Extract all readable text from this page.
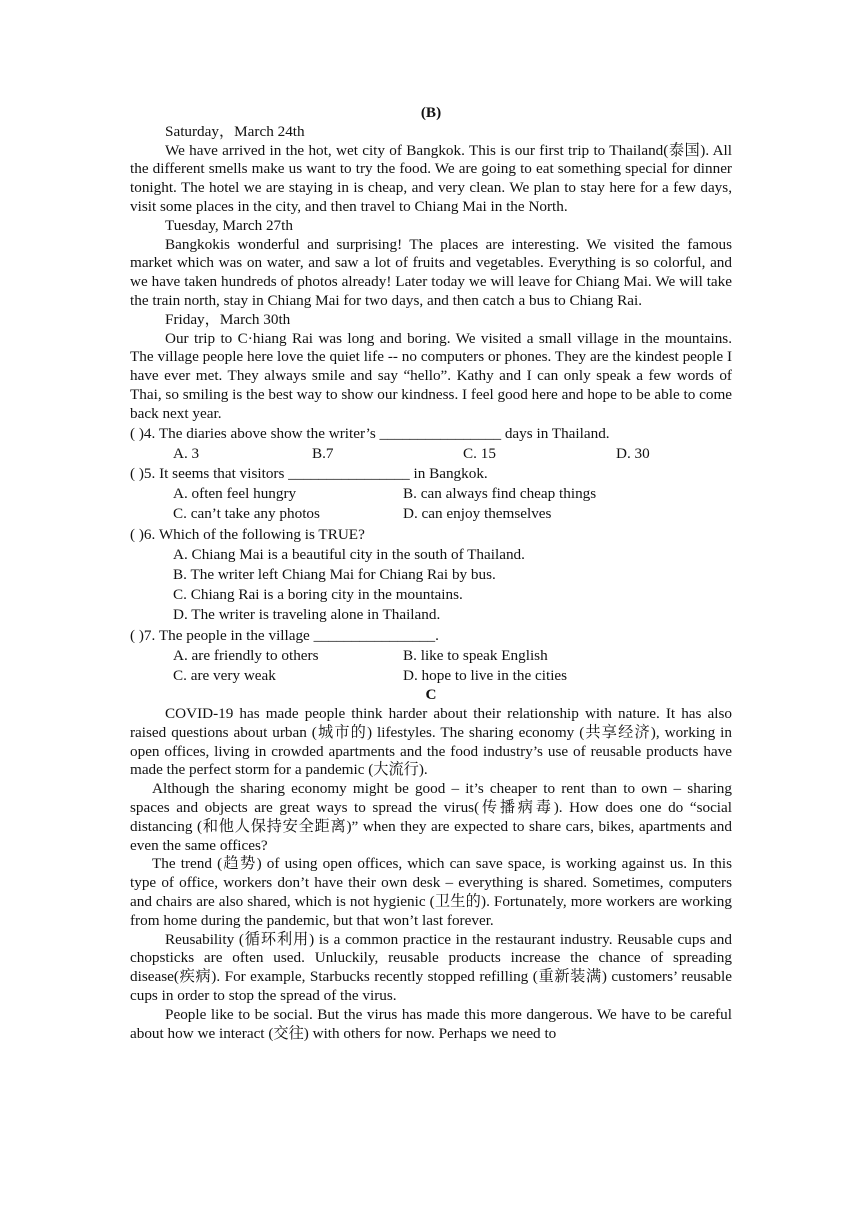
(B)
Saturday，March 24th

We have arrived in the hot, wet city of Bangkok. This is our first trip to Thailand(泰国). All the different smells make us want to try the food. We are going to eat something special for dinner tonight. The hotel we are staying in is cheap, and very clean. We plan to stay here for a few days, visit some places in the city, and then travel to Chiang Mai in the North.

Tuesday, March 27th

Bangkokis wonderful and surprising! The places are interesting. We visited the famous market which was on water, and saw a lot of fruits and vegetables. Everything is so colorful, and we have taken hundreds of photos already! Later today we will leave for Chiang Mai. We will take the train north, stay in Chiang Mai for two days, and then catch a bus to Chiang Rai.

Friday，March 30th

Our trip to C·hiang Rai was long and boring. We visited a small village in the mountains. The village people here love the quiet life -- no computers or phones. They are the kindest people I have ever met. They always smile and say “hello”. Kathy and I can only speak a few words of Thai, so smiling is the best way to show our kindness. I feel good here and hope to be able to come back next year.

( )4. The diaries above show the writer’s ________________ days in Thailand.
A. 3	B.7	C. 15	D. 30
( )5. It seems that visitors ________________ in Bangkok.
A. often feel hungry	B. can always find cheap things
C. can’t take any photos	D. can enjoy themselves
( )6. Which of the following is TRUE?
A. Chiang Mai is a beautiful city in the south of Thailand.
B. The writer left Chiang Mai for Chiang Rai by bus.
C. Chiang Rai is a boring city in the mountains.
D. The writer is traveling alone in Thailand.
( )7. The people in the village ________________.
A. are friendly to others	B. like to speak English
C. are very weak	D. hope to live in the cities
C

COVID-19 has made people think harder about their relationship with nature. It has also raised questions about urban (城市的) lifestyles. The sharing economy (共享经济), working in open offices, living in crowded apartments and the food industry’s use of reusable products have made the perfect storm for a pandemic (大流行).

Although the sharing economy might be good – it’s cheaper to rent than to own – sharing spaces and objects are great ways to spread the virus(传播病毒). How does one do “social distancing (和他人保持安全距离)” when they are expected to share cars, bikes, apartments and even the same offices?

The trend (趋势) of using open offices, which can save space, is working against us. In this type of office, workers don’t have their own desk – everything is shared. Sometimes, computers and chairs are also shared, which is not hygienic (卫生的). Fortunately, more workers are working from home during the pandemic, but that won’t last forever.

Reusability (循环利用) is a common practice in the restaurant industry. Reusable cups and chopsticks are often used. Unluckily, reusable products increase the chance of spreading disease(疾病). For example, Starbucks recently stopped refilling (重新装满) customers’ reusable cups in order to stop the spread of the virus.

People like to be social. But the virus has made this more dangerous. We have to be careful about how we interact (交往) with others for now. Perhaps we need to
